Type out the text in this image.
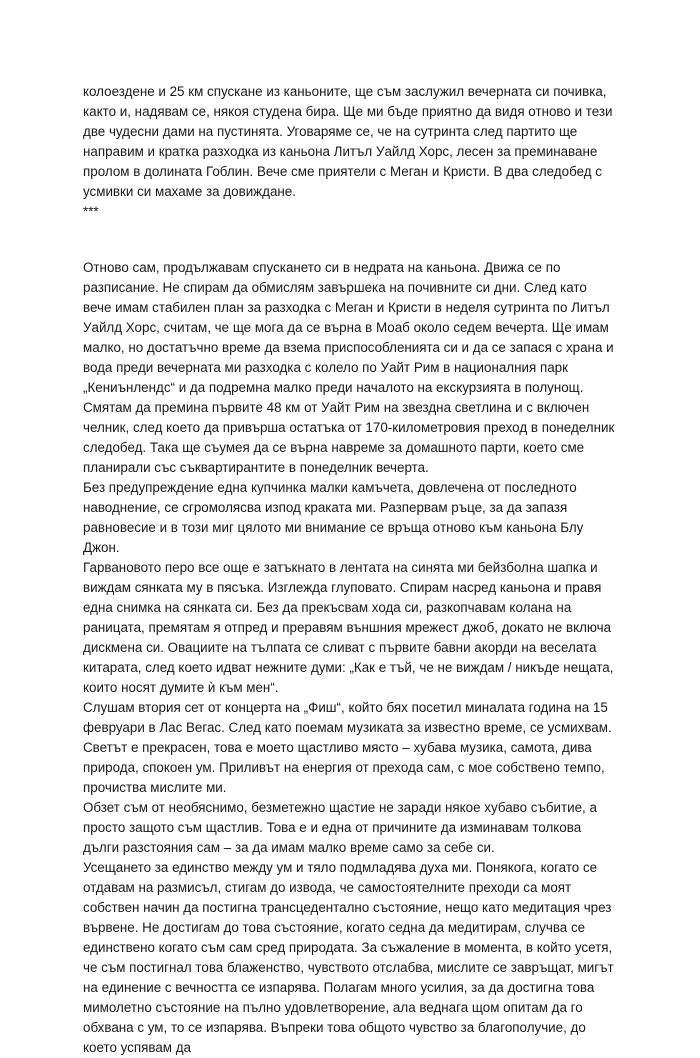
колоездене и 25 км спускане из каньоните, ще съм заслужил вечерната си почивка, както и, надявам се, някоя студена бира. Ще ми бъде приятно да видя отново и тези две чудесни дами на пустинята. Уговаряме се, че на сутринта след партито ще направим и кратка разходка из каньона Литъл Уайлд Хорс, лесен за преминаване пролом в долината Гоблин. Вече сме приятели с Меган и Кристи. В два следобед с усмивки си махаме за довиждане.

***

Отново сам, продължавам спускането си в недрата на каньона. Движа се по разписание. Не спирам да обмислям завършека на почивните си дни. След като вече имам стабилен план за разходка с Меган и Кристи в неделя сутринта по Литъл Уайлд Хорс, считам, че ще мога да се върна в Моаб около седем вечерта. Ще имам малко, но достатъчно време да взема приспособленията си и да се запася с храна и вода преди вечерната ми разходка с колело по Уайт Рим в националния парк „Кениънлендс“ и да подремна малко преди началото на екскурзията в полунощ. Смятам да премина първите 48 км от Уайт Рим на звездна светлина и с включен челник, след което да привърша остатъка от 170-километровия преход в понеделник следобед. Така ще съумея да се върна навреме за домашното парти, което сме планирали със съквартирантите в понеделник вечерта.

Без предупреждение една купчинка малки камъчета, довлечена от последното наводнение, се сгромолясва изпод краката ми. Разпервам ръце, за да запазя равновесие и в този миг цялото ми внимание се връща отново към каньона Блу Джон.

Гарвановото перо все още е затъкнато в лентата на синята ми бейзболна шапка и виждам сянката му в пясъка. Изглежда глуповато. Спирам насред каньона и правя една снимка на сянката си. Без да прекъсвам хода си, разкопчавам колана на раницата, премятам я отпред и преравям външния мрежест джоб, докато не включа дискмена си. Овациите на тълпата се сливат с първите бавни акорди на веселата китарата, след което идват нежните думи: „Как е тъй, че не виждам / никъде нещата, които носят думите ѝ към мен“.

Слушам втория сет от концерта на „Фиш“, който бях посетил миналата година на 15 февруари в Лас Вегас. След като поемам музиката за известно време, се усмихвам. Светът е прекрасен, това е моето щастливо място – хубава музика, самота, дива природа, спокоен ум. Приливът на енергия от прехода сам, с мое собствено темпо, прочиства мислите ми.

Обзет съм от необяснимо, безметежно щастие не заради някое хубаво събитие, а просто защото съм щастлив. Това е и една от причините да изминавам толкова дълги разстояния сам – за да имам малко време само за себе си.

Усещането за единство между ум и тяло подмладява духа ми. Понякога, когато се отдавам на размисъл, стигам до извода, че самостоятелните преходи са моят собствен начин да постигна трансцедентално състояние, нещо като медитация чрез вървене. Не достигам до това състояние, когато седна да медитирам, случва се единствено когато съм сам сред природата. За съжаление в момента, в който усетя, че съм постигнал това блаженство, чувството отслабва, мислите се завръщат, мигът на единение с вечността се изпарява. Полагам много усилия, за да достигна това мимолетно състояние на пълно удовлетворение, ала веднага щом опитам да го обхвана с ум, то се изпарява. Въпреки това общото чувство за благополучие, до което успявам да
